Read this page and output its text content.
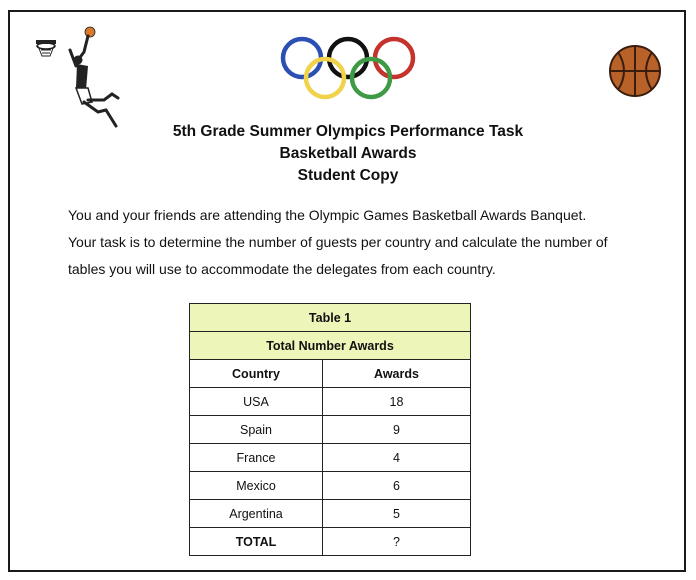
5th Grade Summer Olympics Performance Task
Basketball Awards
Student Copy
You and your friends are attending the Olympic Games Basketball Awards Banquet.
Your task is to determine the number of guests per country and calculate the number of
tables you will use to accommodate the delegates from each country.
Table 1	
Total Number Awards	
Country	Awards
USA	18
Spain	9
France	4
Mexico	6
Argentina	5
TOTAL	?
